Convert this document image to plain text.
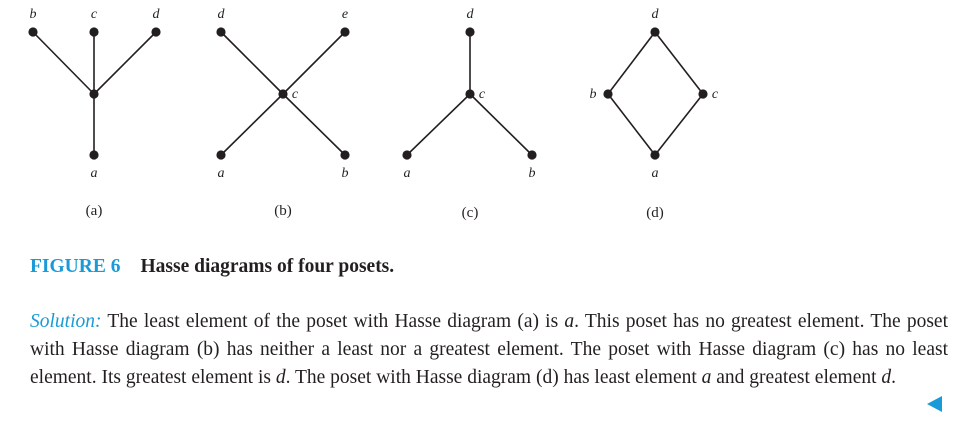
b	c	d
a
(a)
d	e
c
a	b
(b)
d
c
a	b
(c)
d
b	c
a
(d)
FIGURE 6 Hasse diagrams of four posets.
Solution: The least element of the poset with Hasse diagram (a) is a. This poset has no greatest element. The poset with Hasse diagram (b) has neither a least nor a greatest element. The poset with Hasse diagram (c) has no least element. Its greatest element is d. The poset with Hasse diagram (d) has least element a and greatest element d.
